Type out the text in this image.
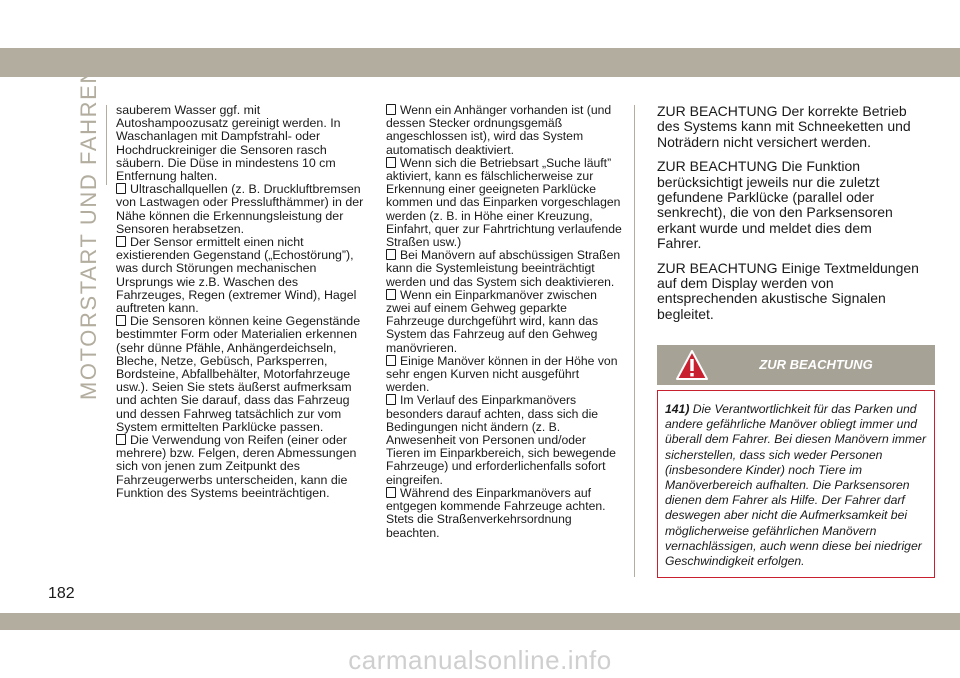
MOTORSTART UND FAHREN sauberem Wasser ggf. mit Autoshampoozusatz gereinigt werden. In Waschanlagen mit Dampfstrahl- oder Hochdruckreiniger die Sensoren rasch säubern. Die Düse in mindestens 10 cm Entfernung halten.

Ultraschallquellen (z. B. Druckluftbremsen von Lastwagen oder Presslufthämmer) in der Nähe können die Erkennungsleistung der Sensoren herabsetzen.

Der Sensor ermittelt einen nicht existierenden Gegenstand („Echostörung”), was durch Störungen mechanischen Ursprungs wie z.B. Waschen des Fahrzeuges, Regen (extremer Wind), Hagel auftreten kann.

Die Sensoren können keine Gegenstände bestimmter Form oder Materialien erkennen (sehr dünne Pfähle, Anhängerdeichseln, Bleche, Netze, Gebüsch, Parksperren, Bordsteine, Abfallbehälter, Motorfahrzeuge usw.). Seien Sie stets äußerst aufmerksam und achten Sie darauf, dass das Fahrzeug und dessen Fahrweg tatsächlich zur vom System ermittelten Parklücke passen.

Die Verwendung von Reifen (einer oder mehrere) bzw. Felgen, deren Abmessungen sich von jenen zum Zeitpunkt des Fahrzeugerwerbs unterscheiden, kann die Funktion des Systems beeinträchtigen.

Wenn ein Anhänger vorhanden ist (und dessen Stecker ordnungsgemäß angeschlossen ist), wird das System automatisch deaktiviert.

Wenn sich die Betriebsart „Suche läuft” aktiviert, kann es fälschlicherweise zur Erkennung einer geeigneten Parklücke kommen und das Einparken vorgeschlagen werden (z. B. in Höhe einer Kreuzung, Einfahrt, quer zur Fahrtrichtung verlaufende Straßen usw.)

Bei Manövern auf abschüssigen Straßen kann die Systemleistung beeinträchtigt werden und das System sich deaktivieren.

Wenn ein Einparkmanöver zwischen zwei auf einem Gehweg geparkte Fahrzeuge durchgeführt wird, kann das System das Fahrzeug auf den Gehweg manövrieren.

Einige Manöver können in der Höhe von sehr engen Kurven nicht ausgeführt werden.

Im Verlauf des Einparkmanövers besonders darauf achten, dass sich die Bedingungen nicht ändern (z. B. Anwesenheit von Personen und/oder Tieren im Einparkbereich, sich bewegende Fahrzeuge) und erforderlichenfalls sofort eingreifen.

Während des Einparkmanövers auf entgegen kommende Fahrzeuge achten. Stets die Straßenverkehrsordnung beachten.

ZUR BEACHTUNG Der korrekte Betrieb des Systems kann mit Schneeketten und Noträdern nicht versichert werden.

ZUR BEACHTUNG Die Funktion berücksichtigt jeweils nur die zuletzt gefundene Parklücke (parallel oder senkrecht), die von den Parksensoren erkant wurde und meldet dies dem Fahrer.

ZUR BEACHTUNG Einige Textmeldungen auf dem Display werden von entsprechenden akustische Signalen begleitet.

ZUR BEACHTUNG
141) Die Verantwortlichkeit für das Parken und andere gefährliche Manöver obliegt immer und überall dem Fahrer. Bei diesen Manövern immer sicherstellen, dass sich weder Personen (insbesondere Kinder) noch Tiere im Manöverbereich aufhalten. Die Parksensoren dienen dem Fahrer als Hilfe. Der Fahrer darf deswegen aber nicht die Aufmerksamkeit bei möglicherweise gefährlichen Manövern vernachlässigen, auch wenn diese bei niedriger Geschwindigkeit erfolgen.
182
carmanualsonline.info
